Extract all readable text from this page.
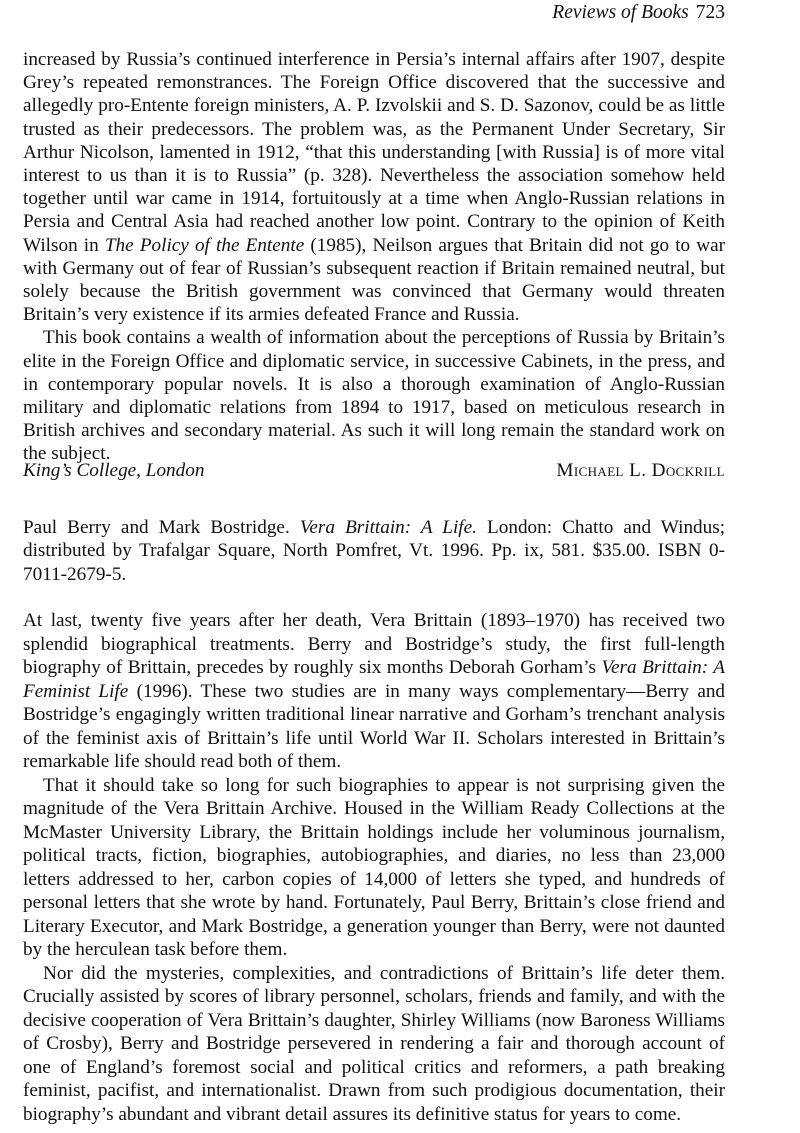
Reviews of Books 723

increased by Russia’s continued interference in Persia’s internal affairs after 1907, despite Grey’s repeated remonstrances. The Foreign Office discovered that the successive and allegedly pro-Entente foreign ministers, A. P. Izvolskii and S. D. Sazonov, could be as little trusted as their predecessors. The problem was, as the Permanent Under Secretary, Sir Arthur Nicolson, lamented in 1912, “that this understanding [with Russia] is of more vital interest to us than it is to Russia” (p. 328). Nevertheless the association somehow held together until war came in 1914, fortuitously at a time when Anglo-Russian relations in Persia and Central Asia had reached another low point. Contrary to the opinion of Keith Wilson in The Policy of the Entente (1985), Neilson argues that Britain did not go to war with Germany out of fear of Russian’s subsequent reaction if Britain remained neutral, but solely because the British government was convinced that Germany would threaten Britain’s very existence if its armies defeated France and Russia.

This book contains a wealth of information about the perceptions of Russia by Britain’s elite in the Foreign Office and diplomatic service, in successive Cabinets, in the press, and in contemporary popular novels. It is also a thorough examination of Anglo-Russian military and diplomatic relations from 1894 to 1917, based on meticulous research in British archives and secondary material. As such it will long remain the standard work on the subject.

King’s College, London	Michael L. Dockrill

Paul Berry and Mark Bostridge. Vera Brittain: A Life. London: Chatto and Windus; distributed by Trafalgar Square, North Pomfret, Vt. 1996. Pp. ix, 581. $35.00. ISBN 0-7011-2679-5.

At last, twenty five years after her death, Vera Brittain (1893–1970) has received two splendid biographical treatments. Berry and Bostridge’s study, the first full-length biography of Brittain, precedes by roughly six months Deborah Gorham’s Vera Brittain: A Feminist Life (1996). These two studies are in many ways complementary—Berry and Bostridge’s engagingly written traditional linear narrative and Gorham’s trenchant analysis of the feminist axis of Brittain’s life until World War II. Scholars interested in Brittain’s remarkable life should read both of them.

That it should take so long for such biographies to appear is not surprising given the magnitude of the Vera Brittain Archive. Housed in the William Ready Collections at the McMaster University Library, the Brittain holdings include her voluminous journalism, political tracts, fiction, biographies, autobiographies, and diaries, no less than 23,000 letters addressed to her, carbon copies of 14,000 of letters she typed, and hundreds of personal letters that she wrote by hand. Fortunately, Paul Berry, Brittain’s close friend and Literary Executor, and Mark Bostridge, a generation younger than Berry, were not daunted by the herculean task before them.

Nor did the mysteries, complexities, and contradictions of Brittain’s life deter them. Crucially assisted by scores of library personnel, scholars, friends and family, and with the decisive cooperation of Vera Brittain’s daughter, Shirley Williams (now Baroness Williams of Crosby), Berry and Bostridge persevered in rendering a fair and thorough account of one of England’s foremost social and political critics and reformers, a path breaking feminist, pacifist, and internationalist. Drawn from such prodigious documentation, their biography’s abundant and vibrant detail assures its definitive status for years to come.
